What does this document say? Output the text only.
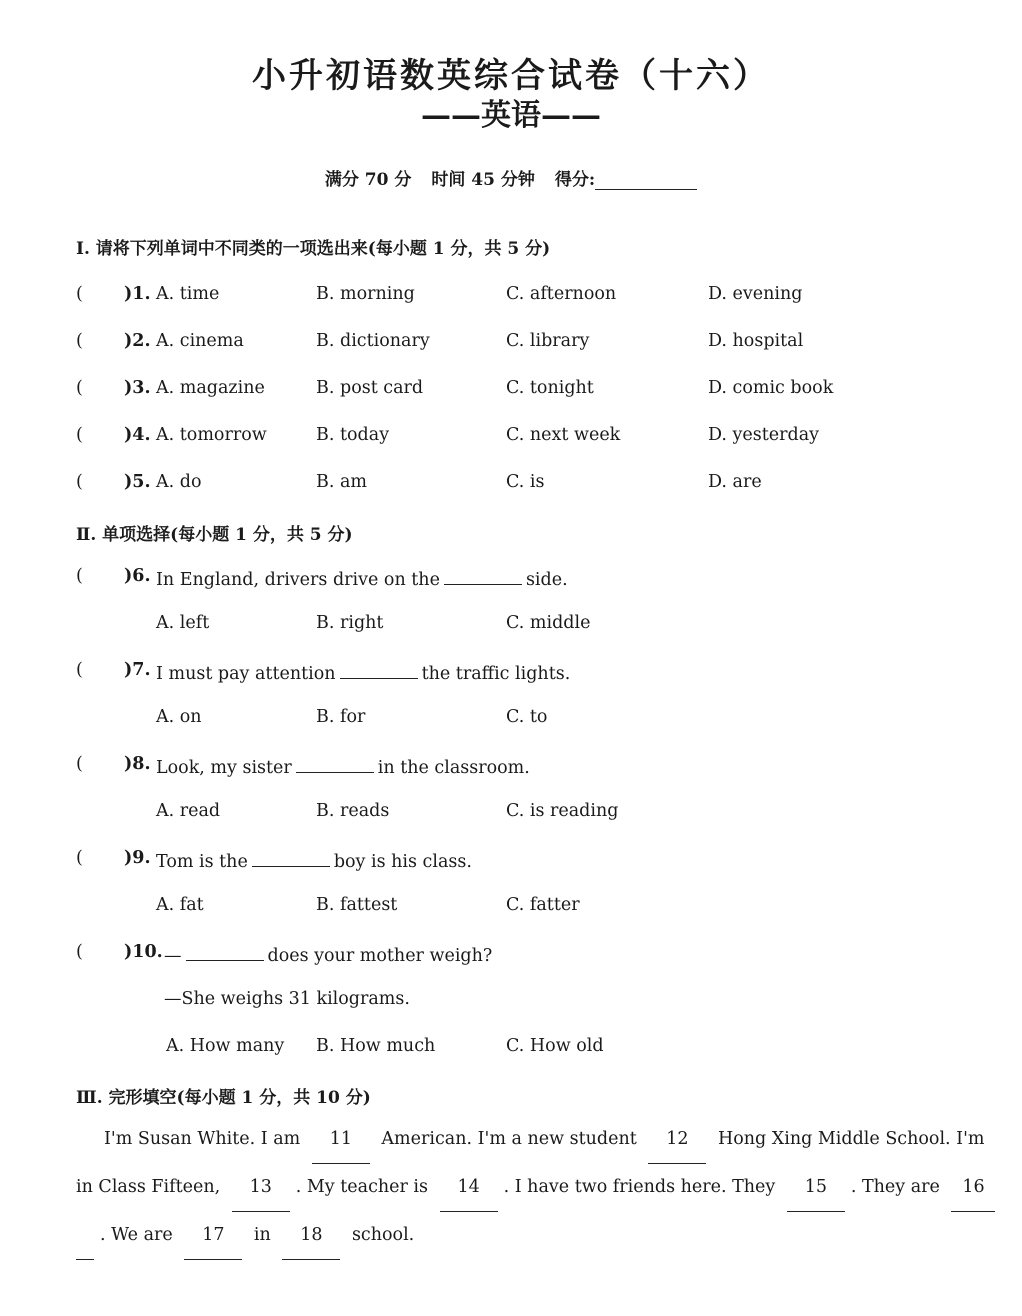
小升初语数英综合试卷（十六）
——英语——
满分 70 分 时间 45 分钟 得分:
Ⅰ. 请将下列单词中不同类的一项选出来(每小题 1 分，共 5 分)
( )1. A. time	B. morning	C. afternoon	D. evening
( )2. A. cinema	B. dictionary	C. library	D. hospital
( )3. A. magazine	B. post card	C. tonight	D. comic book
( )4. A. tomorrow	B. today	C. next week	D. yesterday
( )5. A. do	B. am	C. is	D. are
Ⅱ. 单项选择(每小题 1 分，共 5 分)
( )6. In England, drivers drive on the	side.
A. left	B. right	C. middle
( )7. I must pay attention	the traffic lights.
A. on	B. for	C. to
( )8. Look, my sister	in the classroom.
A. read	B. reads	C. is reading
( )9. Tom is the	boy is his class.
A. fat	B. fattest	C. fatter
( )10. —	does your mother weigh?
—She weighs 31 kilograms.
A. How many B. How much	C. How old
Ⅲ. 完形填空(每小题 1 分，共 10 分)
I'm Susan White. I am 11 American. I'm a new student 12 Hong Xing Middle School. I'm
in Class Fifteen, 13 . My teacher is 14 . I have two friends here. They 15 . They are 16
. We are 17 in 18 school.
